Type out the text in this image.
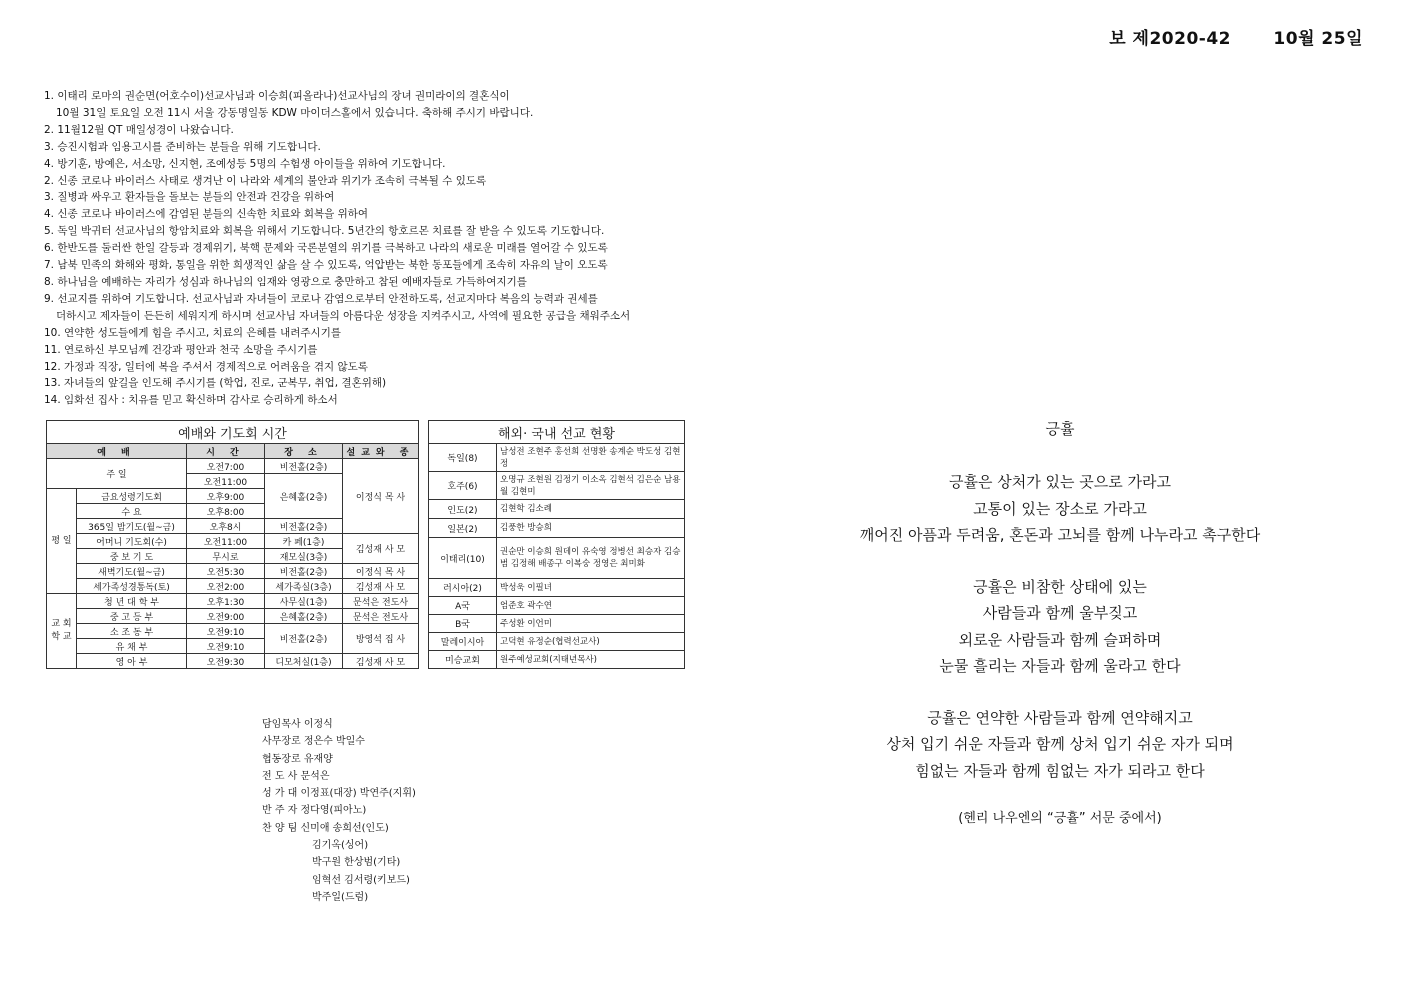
보 제2020-42 10월 25일
1. 이태리 로마의 권순면(어호수이)선교사님과 이승희(피올라나)선교사님의 장녀 권미라이의 결혼식이
10월 31일 토요일 오전 11시 서울 강동명일동 KDW 마이더스홀에서 있습니다. 축하해 주시기 바랍니다.
2. 11월12월 QT 매일성경이 나왔습니다.
3. 승진시험과 임용고시를 준비하는 분들을 위해 기도합니다.
4. 방기훈, 방예은, 서소망, 신지현, 조예성등 5명의 수험생 아이들을 위하여 기도합니다.
2. 신종 코로나 바이러스 사태로 생겨난 이 나라와 세계의 불안과 위기가 조속히 극복될 수 있도록
3. 질병과 싸우고 환자들을 돌보는 분들의 안전과 건강을 위하여
4. 신종 코로나 바이러스에 감염된 분들의 신속한 치료와 회복을 위하여
5. 독일 박귀터 선교사님의 항암치료와 회복을 위해서 기도합니다. 5년간의 항호르몬 치료를 잘 받을 수 있도록 기도합니다.
6. 한반도를 둘러싼 한일 갈등과 경제위기, 북핵 문제와 국론분열의 위기를 극복하고 나라의 새로운 미래를 열어갈 수 있도록
7. 남북 민족의 화해와 평화, 통일을 위한 희생적인 삶을 살 수 있도록, 억압받는 북한 동포들에게 조속히 자유의 날이 오도록
8. 하나님을 예배하는 자리가 성심과 하나님의 임재와 영광으로 충만하고 참된 예배자들로 가득하여지기를
9. 선교지를 위하여 기도합니다. 선교사님과 자녀들이 코로나 감염으로부터 안전하도록, 선교지마다 복음의 능력과 권세를
더하시고 제자들이 든든히 세워지게 하시며 선교사님 자녀들의 아름다운 성장을 지켜주시고, 사역에 필요한 공급을 채워주소서
10. 연약한 성도들에게 힘을 주시고, 치료의 은혜를 내려주시기를
11. 연로하신 부모님께 건강과 평안과 천국 소망을 주시기를
12. 가정과 직장, 일터에 복을 주셔서 경제적으로 어려움을 겪지 않도록
13. 자녀들의 앞길을 인도해 주시기를 (학업, 진로, 군복무, 취업, 결혼위해)
14. 임화선 집사 : 치유를 믿고 확신하며 감사로 승리하게 하소서
예배와 기도회 시간				
예 배		시 간	장 소	설교와 종
주 일		오전7:00	비전홀(2층)	이정식 목 사
		오전11:00	은혜홀(2층)	
평 일	금요성령기도회	오후9:00		
	수 요	오후8:00		
	365일 밤기도(월~금)	오후8시	비전홀(2층)	
	어머니 기도회(수)	오전11:00	카 페(1층)	김성재 사 모
	중 보 기 도	무시로	재모실(3층)	
	새벽기도(월~금)	오전5:30	비전홀(2층)	이정식 목 사
	세가족성경통독(토)	오전2:00	세가족실(3층)	김성재 사 모
교 회 학 교	청 년 대 학 부	오후1:30	사무실(1층)	문석은 전도사
	중 고 등 부	오전9:00	은혜홀(2층)	문석은 전도사
	소 조 동 부	오전9:10	비전홀(2층)	방영석 집 사
	유 채 부	오전9:10		
	영 아 부	오전9:30	디모처실(1층)	김성재 사 모
해외· 국내 선교 현황	
독일(8)	남성전 조현주 홍선희 선명환 송계순 박도성 김현정
호주(6)	오명규 조현원 김정기 이소옥 김현석 김은순 남용월 김현미
인도(2)	김현학 김소례
일본(2)	김풍한 방승희
이태리(10)	권순만 이승희 원데이 유숙영 정병선 최승자 김승범 김정해 배종구 이복숭 정영은 최미화
러시아(2)	박성욱 이필녀
A국	엄준호 곽수연
B국	주성환 이언미
말레이시아	고덕현 유정순(협력선교사)
미승교회	원주예성교회(지태년목사)
담임목사 이정식
사무장로 정은수 박일수
협동장로 유재양
전 도 사 문석은
성 가 대 이정표(대장) 박연주(지휘)
반 주 자 정다영(피아노)
찬 양 팀 신미애 송희선(인도)
김기옥(싱어)
박구원 한상범(기타)
임혁선 김서령(키보드)
박주일(드럼)
긍휼
긍휼은 상처가 있는 곳으로 가라고
고통이 있는 장소로 가라고
깨어진 아픔과 두려움, 혼돈과 고뇌를 함께 나누라고 촉구한다
긍휼은 비참한 상태에 있는
사람들과 함께 울부짖고
외로운 사람들과 함께 슬퍼하며
눈물 흘리는 자들과 함께 울라고 한다
긍휼은 연약한 사람들과 함께 연약해지고
상처 입기 쉬운 자들과 함께 상처 입기 쉬운 자가 되며
힘없는 자들과 함께 힘없는 자가 되라고 한다
(헨리 나우엔의 “긍휼” 서문 중에서)
